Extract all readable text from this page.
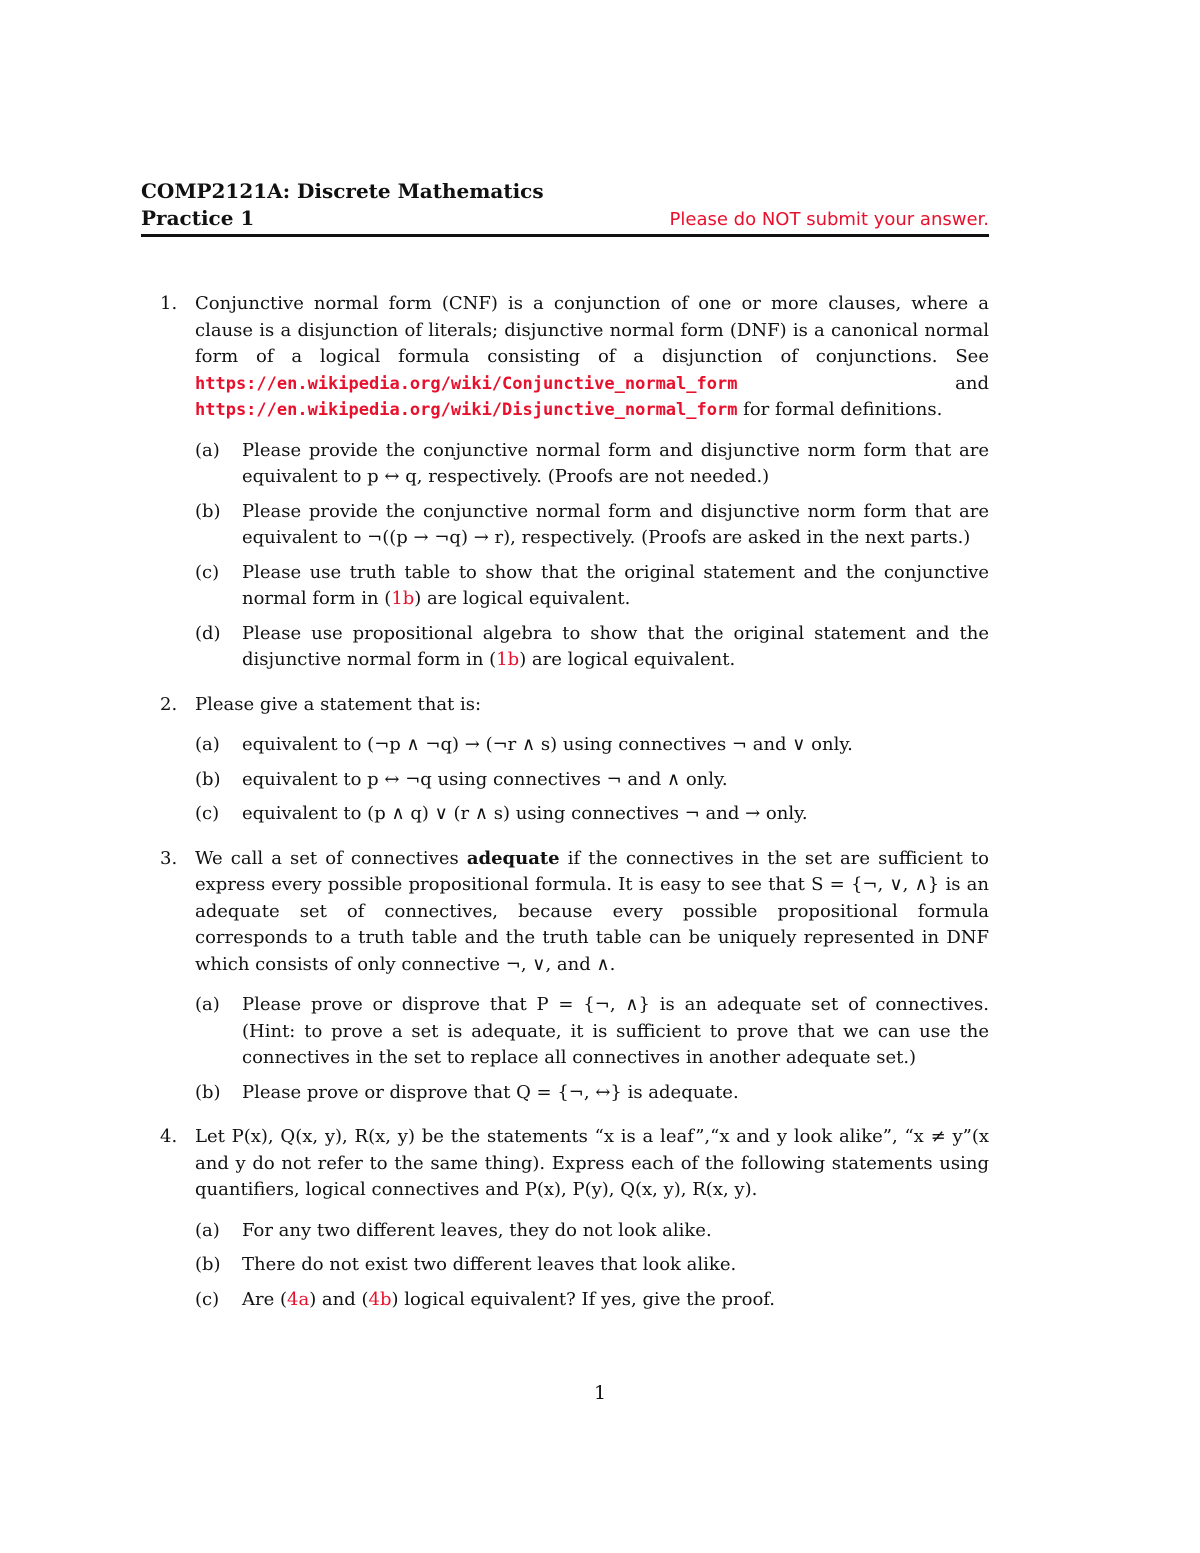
COMP2121A: Discrete Mathematics
Practice 1	Please do NOT submit your answer.
1. Conjunctive normal form (CNF) is a conjunction of one or more clauses, where a clause is a disjunction of literals; disjunctive normal form (DNF) is a canonical normal form of a logical formula consisting of a disjunction of conjunctions. See https://en.wikipedia.org/wiki/Conjunctive_normal_form and https://en.wikipedia.org/wiki/Disjunctive_normal_form for formal definitions.

(a)	Please provide the conjunctive normal form and disjunctive norm form that are equivalent to p ↔ q, respectively. (Proofs are not needed.)
(b)	Please provide the conjunctive normal form and disjunctive norm form that are equivalent to ¬((p → ¬q) → r), respectively. (Proofs are asked in the next parts.)
(c)	Please use truth table to show that the original statement and the conjunctive normal form in (1b) are logical equivalent.
(d)	Please use propositional algebra to show that the original statement and the disjunctive normal form in (1b) are logical equivalent.
2. Please give a statement that is:

(a)	equivalent to (¬p ∧ ¬q) → (¬r ∧ s) using connectives ¬ and ∨ only.
(b)	equivalent to p ↔ ¬q using connectives ¬ and ∧ only.
(c)	equivalent to (p ∧ q) ∨ (r ∧ s) using connectives ¬ and → only.
3. We call a set of connectives adequate if the connectives in the set are sufficient to express every possible propositional formula. It is easy to see that S = {¬, ∨, ∧} is an adequate set of connectives, because every possible propositional formula corresponds to a truth table and the truth table can be uniquely represented in DNF which consists of only connective ¬, ∨, and ∧.

(a)	Please prove or disprove that P = {¬, ∧} is an adequate set of connectives. (Hint: to prove a set is adequate, it is sufficient to prove that we can use the connectives in the set to replace all connectives in another adequate set.)
(b)	Please prove or disprove that Q = {¬, ↔} is adequate.
4. Let P(x), Q(x, y), R(x, y) be the statements “x is a leaf”,“x and y look alike”, “x ≠ y”(x and y do not refer to the same thing). Express each of the following statements using quantifiers, logical connectives and P(x), P(y), Q(x, y), R(x, y).

(a)	For any two different leaves, they do not look alike.
(b)	There do not exist two different leaves that look alike.
(c)	Are (4a) and (4b) logical equivalent? If yes, give the proof.
1
